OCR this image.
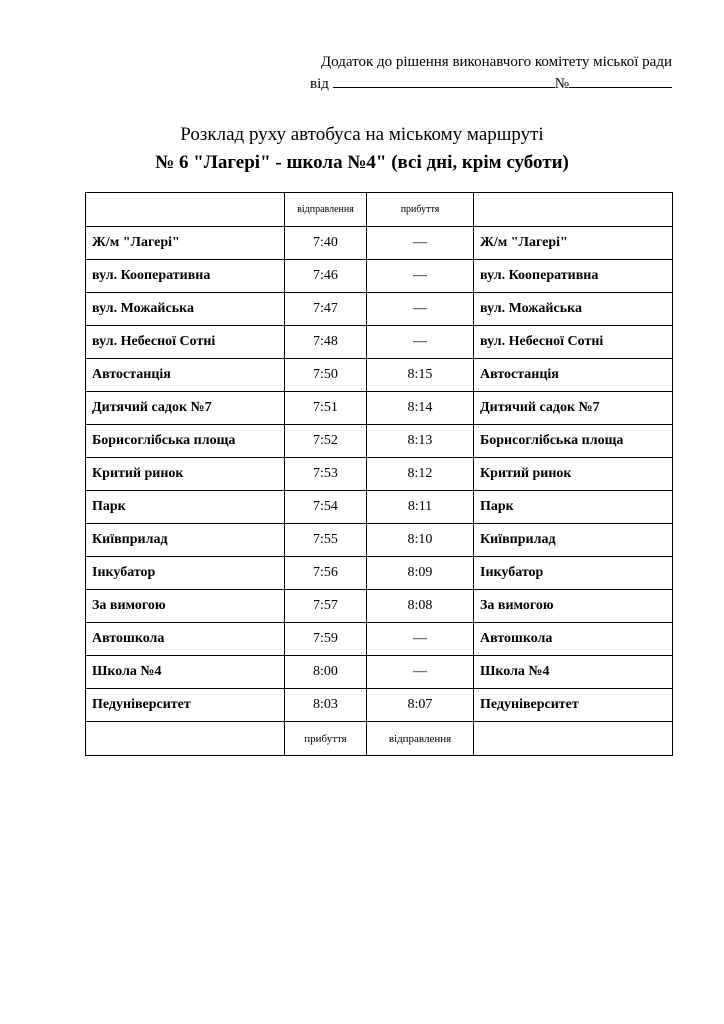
Додаток до рішення виконавчого комітету міської ради
від	№
Розклад руху автобуса на міському маршруті
№ 6 "Лагері" - школа №4" (всі дні, крім суботи)
	відправлення	прибуття	
Ж/м "Лагері"	7:40	—	Ж/м "Лагері"
вул. Кооперативна	7:46	—	вул. Кооперативна
вул. Можайська	7:47	—	вул. Можайська
вул. Небесної Сотні	7:48	—	вул. Небесної Сотні
Автостанція	7:50	8:15	Автостанція
Дитячий садок №7	7:51	8:14	Дитячий садок №7
Борисоглібська площа	7:52	8:13	Борисоглібська площа
Критий ринок	7:53	8:12	Критий ринок
Парк	7:54	8:11	Парк
Київприлад	7:55	8:10	Київприлад
Інкубатор	7:56	8:09	Інкубатор
За вимогою	7:57	8:08	За вимогою
Автошкола	7:59	—	Автошкола
Школа №4	8:00	—	Школа №4
Педуніверситет	8:03	8:07	Педуніверситет
	прибуття	відправлення	
